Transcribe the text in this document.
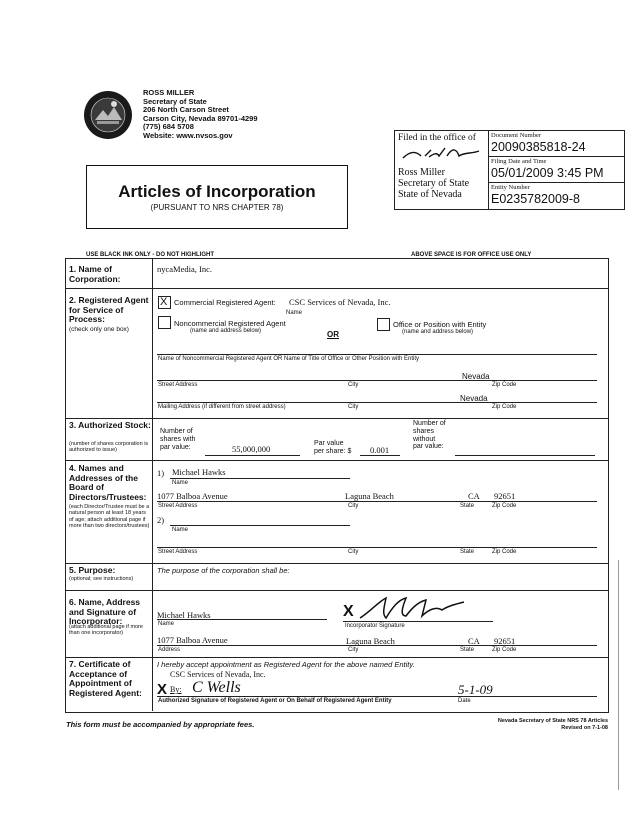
ROSS MILLER
Secretary of State
206 North Carson Street
Carson City, Nevada 89701-4299
(775) 684 5708
Website: www.nvsos.gov	Filed in the office of
Ross Miller
Secretary of State
State of Nevada
Document Number
20090385818-24
Filing Date and Time
05/01/2009 3:45 PM
Entity Number
E0235782009-8
Articles of Incorporation
(PURSUANT TO NRS CHAPTER 78)
USE BLACK INK ONLY - DO NOT HIGHLIGHT	ABOVE SPACE IS FOR OFFICE USE ONLY
1. Name of Corporation:
nycaMedia, Inc.
2. Registered Agent for Service of Process:
(check only one box)
X Commercial Registered Agent: CSC Services of Nevada, Inc.
Name
Noncommercial Registered Agent
(name and address below)	OR
Office or Position with Entity
(name and address below)
Name of Noncommercial Registered Agent OR Name of Title of Office or Other Position with Entity
Nevada
Street Address	City	Zip Code
Nevada
Mailing Address (if different from street address)	City	Zip Code
3. Authorized Stock:
(number of shares corporation is authorized to issue)
Number of
shares with
par value:	55,000,000
Par value
per share: $ 0.001
Number of
shares
without
par value:
4. Names and Addresses of the Board of Directors/Trustees:
(each Director/Trustee must be a natural person at least 18 years of age; attach additional page if more than two directors/trustees)
1) Michael Hawks
Name
1077 Balboa Avenue	Laguna Beach	CA 92651
Street Address	City	State	Zip Code
2)
Name
Street Address	City	State	Zip Code
5. Purpose:
(optional; see instructions)
The purpose of the corporation shall be:
6. Name, Address and Signature of Incorporator:
(attach additional page if more than one incorporator)
Michael Hawks
Name
X
Incorporator Signature
1077 Balboa Avenue	Laguna Beach	CA 92651
Address	City	State	Zip Code
7. Certificate of Acceptance of Appointment of Registered Agent:
I hereby accept appointment as Registered Agent for the above named Entity.
CSC Services of Nevada, Inc.
X By: C Wells	5-1-09
Authorized Signature of Registered Agent or On Behalf of Registered Agent Entity	Date
This form must be accompanied by appropriate fees.	Nevada Secretary of State NRS 78 Articles
Revised on 7-1-08
